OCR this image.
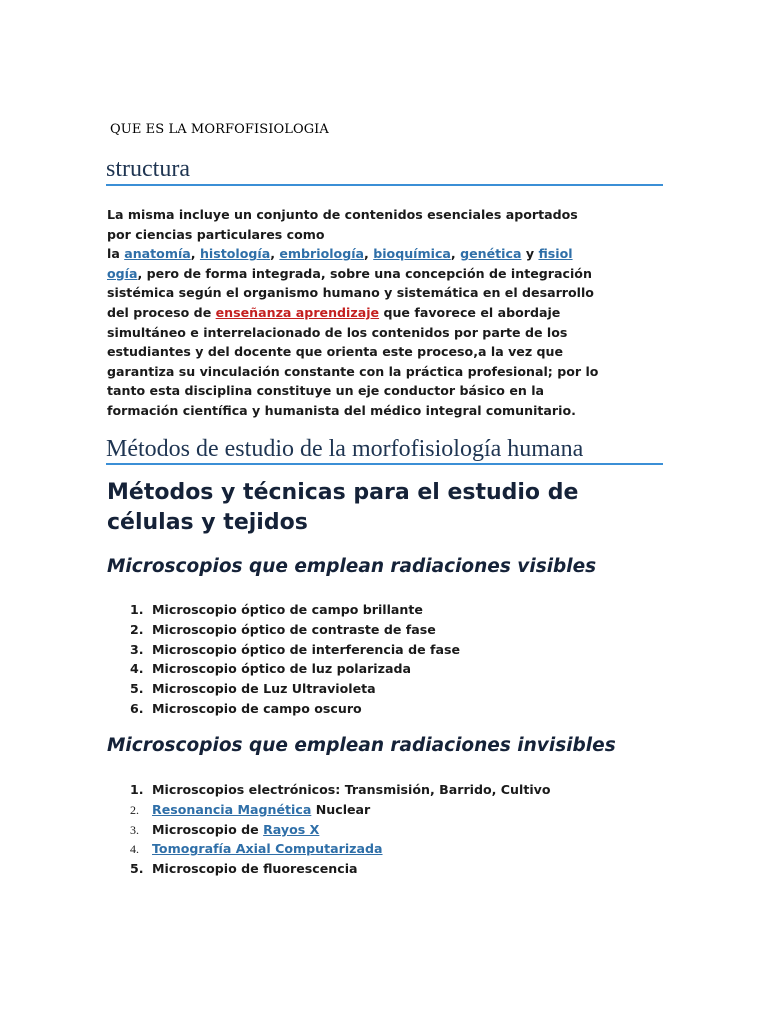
QUE ES LA MORFOFISIOLOGIA
structura
La misma incluye un conjunto de contenidos esenciales aportados
por ciencias particulares como
la anatomía, histología, embriología, bioquímica, genética y fisiol
ogía, pero de forma integrada, sobre una concepción de integración
sistémica según el organismo humano y sistemática en el desarrollo
del proceso de enseñanza aprendizaje que favorece el abordaje
simultáneo e interrelacionado de los contenidos por parte de los
estudiantes y del docente que orienta este proceso,a la vez que
garantiza su vinculación constante con la práctica profesional; por lo
tanto esta disciplina constituye un eje conductor básico en la
formación científica y humanista del médico integral comunitario.
Métodos de estudio de la morfofisiología humana
Métodos y técnicas para el estudio de
células y tejidos
Microscopios que emplean radiaciones visibles
1. Microscopio óptico de campo brillante
2. Microscopio óptico de contraste de fase
3. Microscopio óptico de interferencia de fase
4. Microscopio óptico de luz polarizada
5. Microscopio de Luz Ultravioleta
6. Microscopio de campo oscuro
Microscopios que emplean radiaciones invisibles
1. Microscopios electrónicos: Transmisión, Barrido, Cultivo
2. Resonancia Magnética Nuclear
3. Microscopio de Rayos X
4. Tomografía Axial Computarizada
5. Microscopio de fluorescencia
